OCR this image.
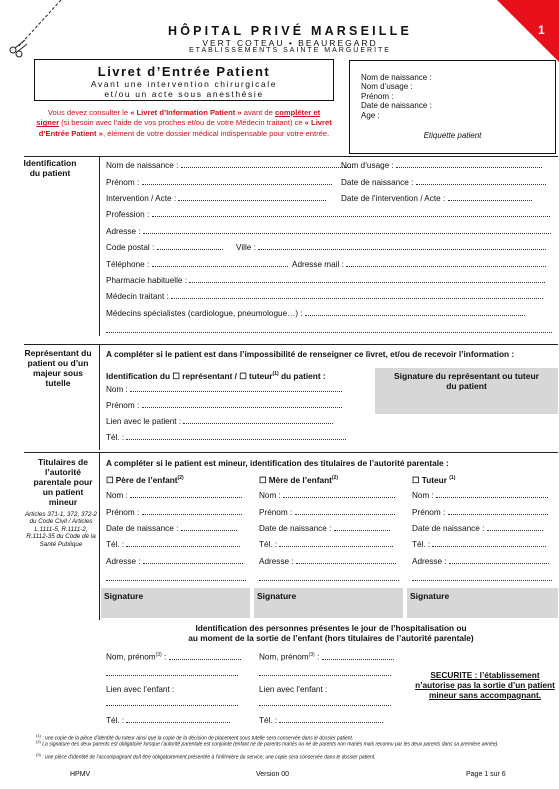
1
HÔPITAL PRIVÉ MARSEILLE
VERT COTEAU • BEAUREGARD
ETABLISSEMENTS SAINTE MARGUERITE
Livret d’Entrée Patient
Avant une intervention chirurgicale
et/ou un acte sous anesthésie
Vous devez consulter le « Livret d’Information Patient » avant de compléter et signer (si besoin avec l’aide de vos proches et/ou de votre Médecin traitant) ce « Livret d’Entrée Patient », élément de votre dossier médical indispensable pour votre entrée.
Nom de naissance :
Nom d’usage :
Prénom :
Date de naissance :
Age :
Etiquette patient
Identification du patient
Nom de naissance :	Nom d’usage :
Prénom :	Date de naissance :
Intervention / Acte :	Date de l’intervention / Acte :
Profession :
Adresse :
Code postal :	Ville :
Téléphone :	Adresse mail :
Pharmacie habituelle :
Médecin traitant :
Médecins spécialistes (cardiologue, pneumologue…) :
Représentant du patient ou d’un majeur sous tutelle
A compléter si le patient est dans l’impossibilité de renseigner ce livret, et/ou de recevoir l’information :
Identification du ☐ représentant / ☐ tuteur$^{(1)}$ du patient :
Nom :
Prénom :
Lien avec le patient :
Tél. :
Signature du représentant ou tuteur du patient
Titulaires de l’autorité parentale pour un patient mineur
Articles 371-1, 372, 372-2 du Code Civil / Articles L.1111-5, R.1111-2, R.1112-35 du Code de la Santé Publique
A compléter si le patient est mineur, identification des titulaires de l’autorité parentale :
☐ Père de l’enfant$^{(2)}$
Nom :
Prénom :
Date de naissance :
Tél. :
Adresse :
Signature
☐ Mère de l’enfant$^{(2)}$
Nom :
Prénom :
Date de naissance :
Tél. :
Adresse :
Signature
☐ Tuteur $^{(1)}$
Nom :
Prénom :
Date de naissance :
Tél. :
Adresse :
Signature
Identification des personnes présentes le jour de l’hospitalisation ou
au moment de la sortie de l’enfant (hors titulaires de l’autorité parentale)
Nom, prénom$^{(3)}$ :
Lien avec l’enfant :
Tél. :
Nom, prénom$^{(3)}$ :
Lien avec l’enfant :
Tél. :
SECURITE : l’établissement n’autorise pas la sortie d’un patient mineur sans accompagnant.
$^{(1)}$ : une copie de la pièce d’identité du tuteur ainsi que la copie de la décision de placement sous tutelle sera conservée dans le dossier patient.
$^{(2)}$ La signature des deux parents est obligatoire lorsque l’autorité parentale est conjointe (enfant né de parents mariés ou né de parents non mariés mais reconnu par les deux parents dans sa première année).
$^{(3)}$ : une pièce d’identité de l’accompagnant doit être obligatoirement présentée à l’infirmière du service, une copie sera conservée dans le dossier patient.
HPMV	Version 00	Page 1 sur 6
